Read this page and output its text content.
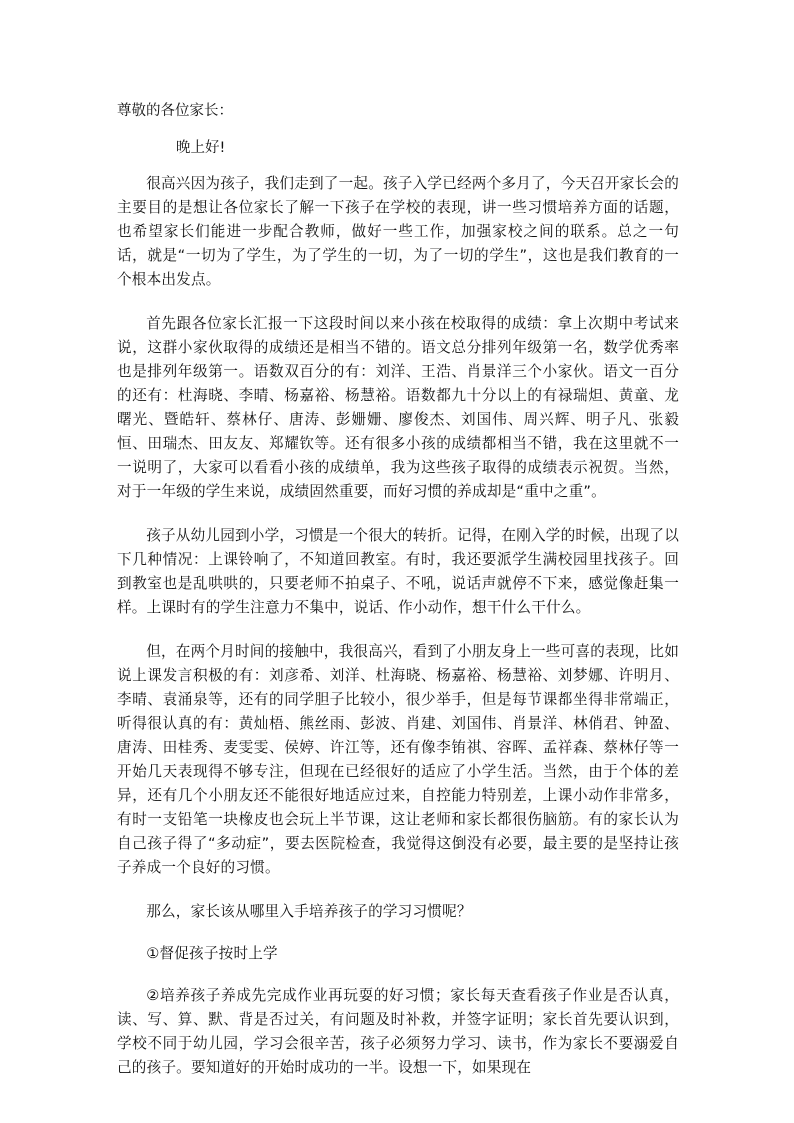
尊敬的各位家长：

晚上好!

很高兴因为孩子，我们走到了一起。孩子入学已经两个多月了，今天召开家长会的主要目的是想让各位家长了解一下孩子在学校的表现，讲一些习惯培养方面的话题，也希望家长们能进一步配合教师，做好一些工作，加强家校之间的联系。总之一句话，就是“一切为了学生，为了学生的一切，为了一切的学生”，这也是我们教育的一个根本出发点。

首先跟各位家长汇报一下这段时间以来小孩在校取得的成绩：拿上次期中考试来说，这群小家伙取得的成绩还是相当不错的。语文总分排列年级第一名，数学优秀率也是排列年级第一。语数双百分的有：刘洋、王浩、肖景洋三个小家伙。语文一百分的还有：杜海晓、李晴、杨嘉裕、杨慧裕。语数都九十分以上的有禄瑞炟、黄童、龙曙光、暨皓轩、蔡林仔、唐涛、彭姗姗、廖俊杰、刘国伟、周兴辉、明子凡、张毅恒、田瑞杰、田友友、郑耀钦等。还有很多小孩的成绩都相当不错，我在这里就不一一说明了，大家可以看看小孩的成绩单，我为这些孩子取得的成绩表示祝贺。当然，对于一年级的学生来说，成绩固然重要，而好习惯的养成却是“重中之重”。

孩子从幼儿园到小学，习惯是一个很大的转折。记得，在刚入学的时候，出现了以下几种情况：上课铃响了，不知道回教室。有时，我还要派学生满校园里找孩子。回到教室也是乱哄哄的，只要老师不拍桌子、不吼，说话声就停不下来，感觉像赶集一样。上课时有的学生注意力不集中，说话、作小动作，想干什么干什么。

但，在两个月时间的接触中，我很高兴，看到了小朋友身上一些可喜的表现，比如说上课发言积极的有：刘彦希、刘洋、杜海晓、杨嘉裕、杨慧裕、刘梦娜、许明月、李晴、袁涌泉等，还有的同学胆子比较小，很少举手，但是每节课都坐得非常端正，听得很认真的有：黄灿梧、熊丝雨、彭波、肖建、刘国伟、肖景洋、林俏君、钟盈、唐涛、田桂秀、麦雯雯、侯婷、许江等，还有像李铕祺、容晖、孟祥森、蔡林仔等一开始几天表现得不够专注，但现在已经很好的适应了小学生活。当然，由于个体的差异，还有几个小朋友还不能很好地适应过来，自控能力特别差，上课小动作非常多，有时一支铅笔一块橡皮也会玩上半节课，这让老师和家长都很伤脑筋。有的家长认为自己孩子得了“多动症”，要去医院检查，我觉得这倒没有必要，最主要的是坚持让孩子养成一个良好的习惯。

那么，家长该从哪里入手培养孩子的学习习惯呢？

①督促孩子按时上学

②培养孩子养成先完成作业再玩耍的好习惯；家长每天查看孩子作业是否认真，读、写、算、默、背是否过关，有问题及时补救，并签字证明；家长首先要认识到，学校不同于幼儿园，学习会很辛苦，孩子必须努力学习、读书，作为家长不要溺爱自己的孩子。要知道好的开始时成功的一半。设想一下，如果现在
